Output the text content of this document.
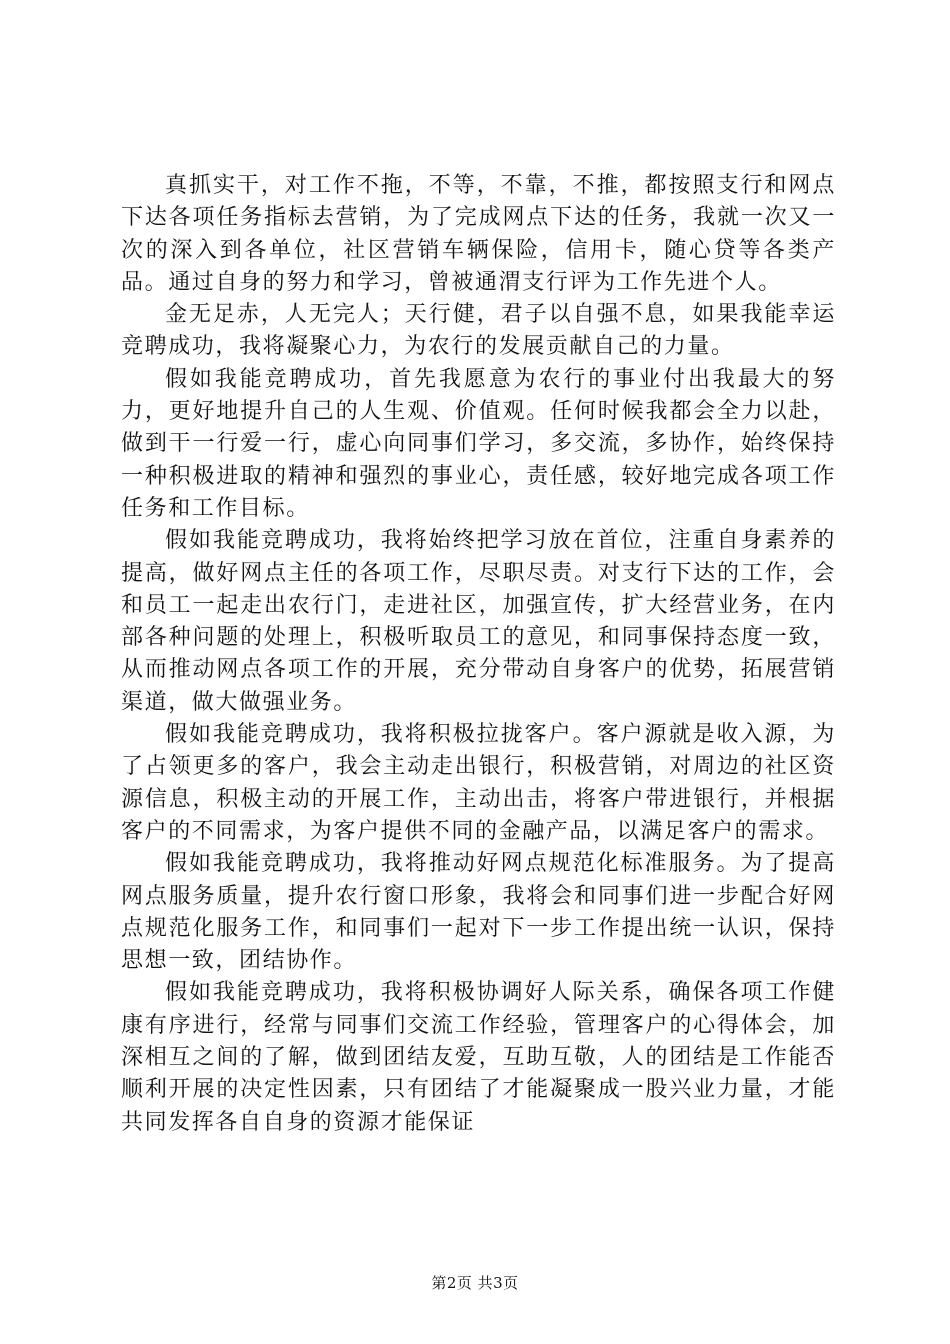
真抓实干，对工作不拖，不等，不靠，不推，都按照支行和网点下达各项任务指标去营销，为了完成网点下达的任务，我就一次又一次的深入到各单位，社区营销车辆保险，信用卡，随心贷等各类产品。通过自身的努力和学习，曾被通渭支行评为工作先进个人。

金无足赤，人无完人；天行健，君子以自强不息，如果我能幸运竞聘成功，我将凝聚心力，为农行的发展贡献自己的力量。

假如我能竞聘成功，首先我愿意为农行的事业付出我最大的努力，更好地提升自己的人生观、价值观。任何时候我都会全力以赴，做到干一行爱一行，虚心向同事们学习，多交流，多协作，始终保持一种积极进取的精神和强烈的事业心，责任感，较好地完成各项工作任务和工作目标。

假如我能竞聘成功，我将始终把学习放在首位，注重自身素养的提高，做好网点主任的各项工作，尽职尽责。对支行下达的工作，会和员工一起走出农行门，走进社区，加强宣传，扩大经营业务，在内部各种问题的处理上，积极听取员工的意见，和同事保持态度一致，从而推动网点各项工作的开展，充分带动自身客户的优势，拓展营销渠道，做大做强业务。

假如我能竞聘成功，我将积极拉拢客户。客户源就是收入源，为了占领更多的客户，我会主动走出银行，积极营销，对周边的社区资源信息，积极主动的开展工作，主动出击，将客户带进银行，并根据客户的不同需求，为客户提供不同的金融产品，以满足客户的需求。

假如我能竞聘成功，我将推动好网点规范化标准服务。为了提高网点服务质量，提升农行窗口形象，我将会和同事们进一步配合好网点规范化服务工作，和同事们一起对下一步工作提出统一认识，保持思想一致，团结协作。

假如我能竞聘成功，我将积极协调好人际关系，确保各项工作健康有序进行，经常与同事们交流工作经验，管理客户的心得体会，加深相互之间的了解，做到团结友爱，互助互敬，人的团结是工作能否顺利开展的决定性因素，只有团结了才能凝聚成一股兴业力量，才能共同发挥各自自身的资源才能保证

第2页 共3页
